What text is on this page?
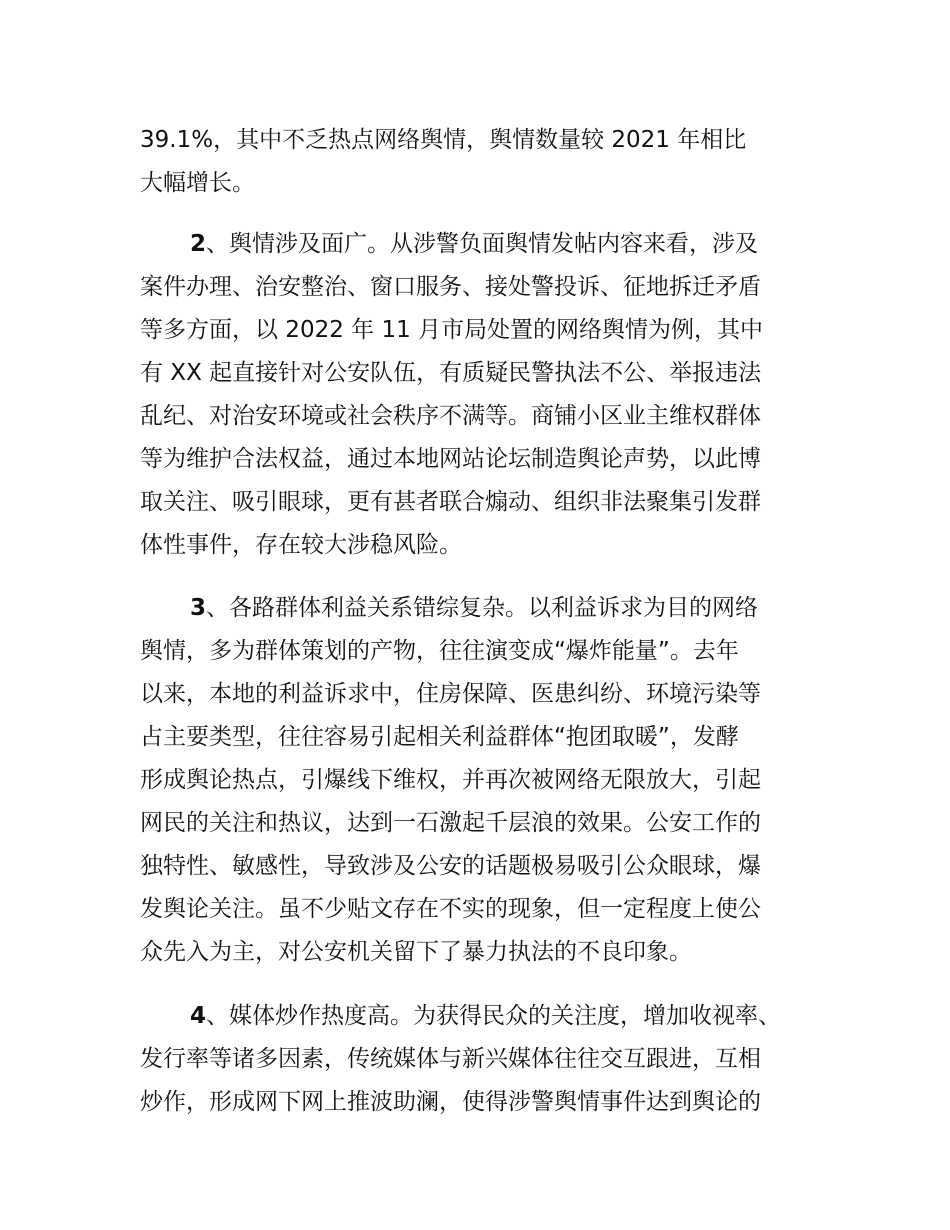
39.1%，其中不乏热点网络舆情，舆情数量较 2021 年相比
大幅增长。
2、舆情涉及面广。从涉警负面舆情发帖内容来看，涉及
案件办理、治安整治、窗口服务、接处警投诉、征地拆迁矛盾
等多方面，以 2022 年 11 月市局处置的网络舆情为例，其中
有 XX 起直接针对公安队伍，有质疑民警执法不公、举报违法
乱纪、对治安环境或社会秩序不满等。商铺小区业主维权群体
等为维护合法权益，通过本地网站论坛制造舆论声势，以此博
取关注、吸引眼球，更有甚者联合煽动、组织非法聚集引发群
体性事件，存在较大涉稳风险。
3、各路群体利益关系错综复杂。以利益诉求为目的网络
舆情，多为群体策划的产物，往往演变成“爆炸能量”。去年
以来，本地的利益诉求中，住房保障、医患纠纷、环境污染等
占主要类型，往往容易引起相关利益群体“抱团取暖”，发酵
形成舆论热点，引爆线下维权，并再次被网络无限放大，引起
网民的关注和热议，达到一石激起千层浪的效果。公安工作的
独特性、敏感性，导致涉及公安的话题极易吸引公众眼球，爆
发舆论关注。虽不少贴文存在不实的现象，但一定程度上使公
众先入为主，对公安机关留下了暴力执法的不良印象。
4、媒体炒作热度高。为获得民众的关注度，增加收视率、
发行率等诸多因素，传统媒体与新兴媒体往往交互跟进，互相
炒作，形成网下网上推波助澜，使得涉警舆情事件达到舆论的
